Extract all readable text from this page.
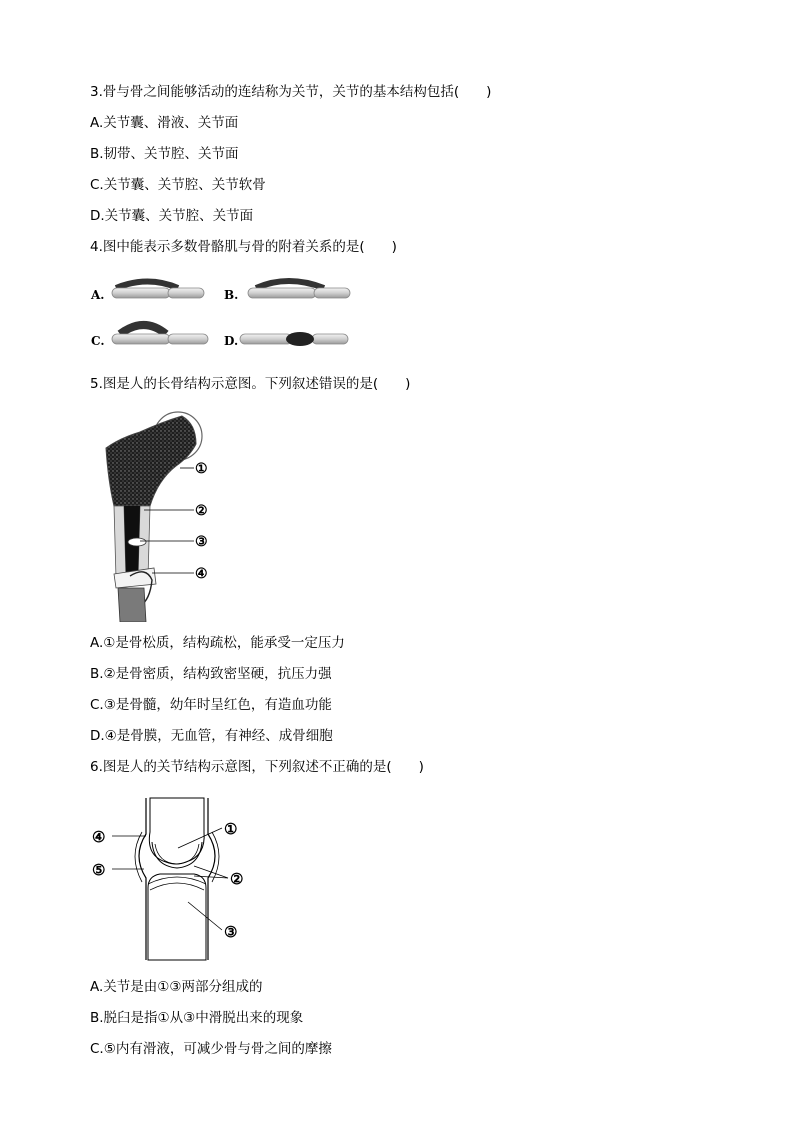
3.骨与骨之间能够活动的连结称为关节，关节的基本结构包括(　　)
A.关节囊、滑液、关节面
B.韧带、关节腔、关节面
C.关节囊、关节腔、关节软骨
D.关节囊、关节腔、关节面
4.图中能表示多数骨骼肌与骨的附着关系的是(　　)
A.	B.
C.	D.
5.图是人的长骨结构示意图。下列叙述错误的是(　　)
①
②
③
④
A.①是骨松质，结构疏松，能承受一定压力
B.②是骨密质，结构致密坚硬，抗压力强
C.③是骨髓，幼年时呈红色，有造血功能
D.④是骨膜，无血管，有神经、成骨细胞
6.图是人的关节结构示意图，下列叙述不正确的是(　　)
①
②
③
④
⑤
A.关节是由①③两部分组成的
B.脱臼是指①从③中滑脱出来的现象
C.⑤内有滑液，可减少骨与骨之间的摩擦
